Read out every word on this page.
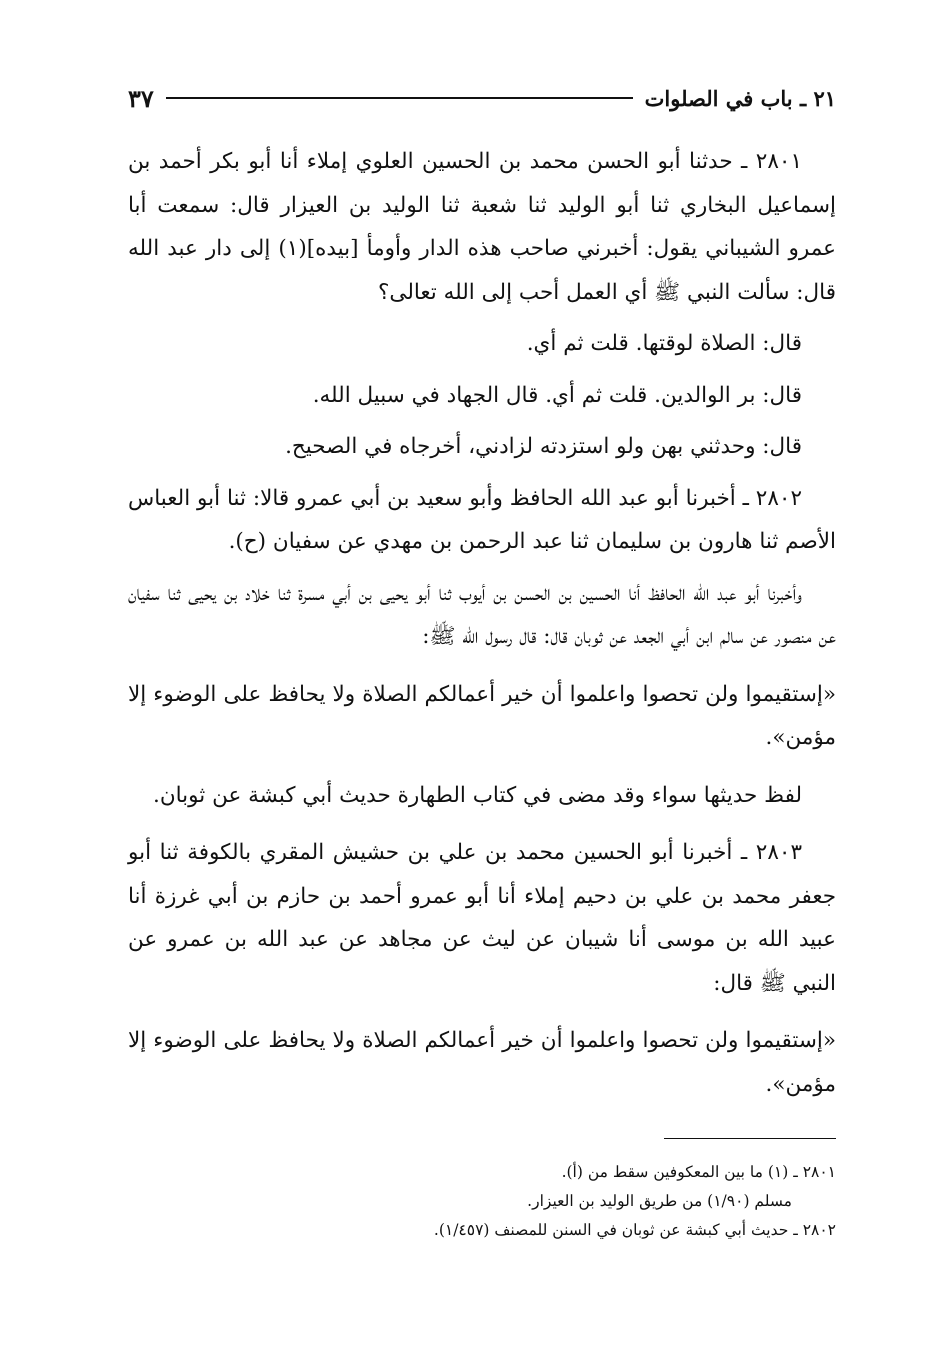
٢١ ـ باب في الصلوات
٣٧

٢٨٠١ ـ حدثنا أبو الحسن محمد بن الحسين العلوي إملاء أنا أبو بكر أحمد بن إسماعيل البخاري ثنا أبو الوليد ثنا شعبة ثنا الوليد بن العيزار قال: سمعت أبا عمرو الشيباني يقول: أخبرني صاحب هذه الدار وأومأ [بيده](١) إلى دار عبد الله قال: سألت النبي ﷺ أي العمل أحب إلى الله تعالى؟

قال: الصلاة لوقتها. قلت ثم أي.

قال: بر الوالدين. قلت ثم أي. قال الجهاد في سبيل الله.

قال: وحدثني بهن ولو استزدته لزادني، أخرجاه في الصحيح.

٢٨٠٢ ـ أخبرنا أبو عبد الله الحافظ وأبو سعيد بن أبي عمرو قالا: ثنا أبو العباس الأصم ثنا هارون بن سليمان ثنا عبد الرحمن بن مهدي عن سفيان (ح).

وأخبرنا أبو عبد الله الحافظ أنا الحسين بن الحسن بن أيوب ثنا أبو يحيى بن أبي مسرة ثنا خلاد بن يحيى ثنا سفيان عن منصور عن سالم ابن أبي الجعد عن ثوبان قال: قال رسول الله ﷺ:

«إستقيموا ولن تحصوا واعلموا أن خير أعمالكم الصلاة ولا يحافظ على الوضوء إلا مؤمن».

لفظ حديثها سواء وقد مضى في كتاب الطهارة حديث أبي كبشة عن ثوبان.

٢٨٠٣ ـ أخبرنا أبو الحسين محمد بن علي بن حشيش المقري بالكوفة ثنا أبو جعفر محمد بن علي بن دحيم إملاء أنا أبو عمرو أحمد بن حازم بن أبي غرزة أنا عبيد الله بن موسى أنا شيبان عن ليث عن مجاهد عن عبد الله بن عمرو عن النبي ﷺ قال:

«إستقيموا ولن تحصوا واعلموا أن خير أعمالكم الصلاة ولا يحافظ على الوضوء إلا مؤمن».

٢٨٠١ ـ (١) ما بين المعكوفين سقط من (أ).
مسلم (١/٩٠) من طريق الوليد بن العيزار.
٢٨٠٢ ـ حديث أبي كبشة عن ثوبان في السنن للمصنف (١/٤٥٧).
